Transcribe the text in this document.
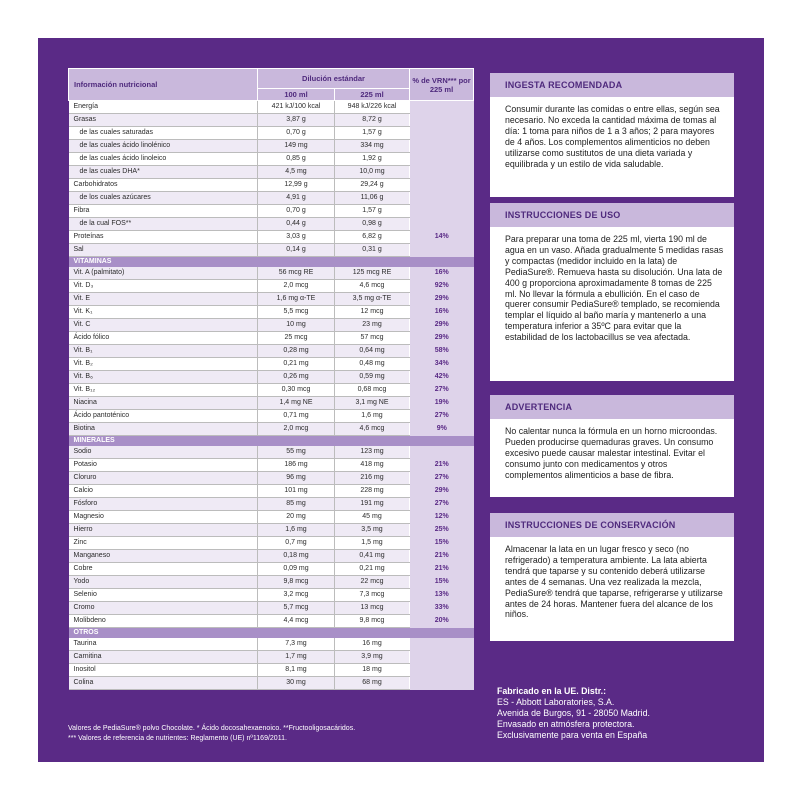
Información nutricional	Dilución estándar		% de VRN*** por 225 ml
	100 ml	225 ml	
Energía	421 kJ/100 kcal	948 kJ/226 kcal	
Grasas	3,87 g	8,72 g	
de las cuales saturadas	0,70 g	1,57 g	
de las cuales ácido linolénico	149 mg	334 mg	
de las cuales ácido linoleico	0,85 g	1,92 g	
de las cuales DHA*	4,5 mg	10,0 mg	
Carbohidratos	12,99 g	29,24 g	
de los cuales azúcares	4,91 g	11,06 g	
Fibra	0,70 g	1,57 g	
de la cual FOS**	0,44 g	0,98 g	
Proteínas	3,03 g	6,82 g	14%
Sal	0,14 g	0,31 g	
VITAMINAS			
Vit. A (palmitato)	56 mcg RE	125 mcg RE	16%
Vit. D₃	2,0 mcg	4,6 mcg	92%
Vit. E	1,6 mg α-TE	3,5 mg α-TE	29%
Vit. K₁	5,5 mcg	12 mcg	16%
Vit. C	10 mg	23 mg	29%
Ácido fólico	25 mcg	57 mcg	29%
Vit. B₁	0,28 mg	0,64 mg	58%
Vit. B₂	0,21 mg	0,48 mg	34%
Vit. B₆	0,26 mg	0,59 mg	42%
Vit. B₁₂	0,30 mcg	0,68 mcg	27%
Niacina	1,4 mg NE	3,1 mg NE	19%
Ácido pantoténico	0,71 mg	1,6 mg	27%
Biotina	2,0 mcg	4,6 mcg	9%
MINERALES			
Sodio	55 mg	123 mg	
Potasio	186 mg	418 mg	21%
Cloruro	96 mg	216 mg	27%
Calcio	101 mg	228 mg	29%
Fósforo	85 mg	191 mg	27%
Magnesio	20 mg	45 mg	12%
Hierro	1,6 mg	3,5 mg	25%
Zinc	0,7 mg	1,5 mg	15%
Manganeso	0,18 mg	0,41 mg	21%
Cobre	0,09 mg	0,21 mg	21%
Yodo	9,8 mcg	22 mcg	15%
Selenio	3,2 mcg	7,3 mcg	13%
Cromo	5,7 mcg	13 mcg	33%
Molibdeno	4,4 mcg	9,8 mcg	20%
OTROS			
Taurina	7,3 mg	16 mg	
Carnitina	1,7 mg	3,9 mg	
Inositol	8,1 mg	18 mg	
Colina	30 mg	68 mg	
Valores de PediaSure® polvo Chocolate. * Ácido docosahexaenoico. **Fructooligosacáridos.
*** Valores de referencia de nutrientes: Reglamento (UE) nº1169/2011.
INGESTA RECOMENDADA
Consumir durante las comidas o entre ellas, según sea necesario. No exceda la cantidad máxima de tomas al día: 1 toma para niños de 1 a 3 años; 2 para mayores de 4 años. Los complementos alimenticios no deben utilizarse como sustitutos de una dieta variada y equilibrada y un estilo de vida saludable.
INSTRUCCIONES DE USO
Para preparar una toma de 225 ml, vierta 190 ml de agua en un vaso. Añada gradualmente 5 medidas rasas y compactas (medidor incluido en la lata) de PediaSure®. Remueva hasta su disolución. Una lata de 400 g proporciona aproximadamente 8 tomas de 225 ml. No llevar la fórmula a ebullición. En el caso de querer consumir PediaSure® templado, se recomienda templar el líquido al baño maría y mantenerlo a una temperatura inferior a 35ºC para evitar que la estabilidad de los lactobacillus se vea afectada.
ADVERTENCIA
No calentar nunca la fórmula en un horno microondas. Pueden producirse quemaduras graves. Un consumo excesivo puede causar malestar intestinal. Evitar el consumo junto con medicamentos y otros complementos alimenticios a base de fibra.
INSTRUCCIONES DE CONSERVACIÓN
Almacenar la lata en un lugar fresco y seco (no refrigerado) a temperatura ambiente. La lata abierta tendrá que taparse y su contenido deberá utilizarse antes de 4 semanas. Una vez realizada la mezcla, PediaSure® tendrá que taparse, refrigerarse y utilizarse antes de 24 horas. Mantener fuera del alcance de los niños.
Fabricado en la UE. Distr.:
ES - Abbott Laboratories, S.A.
Avenida de Burgos, 91 - 28050 Madrid.
Envasado en atmósfera protectora.
Exclusivamente para venta en España
